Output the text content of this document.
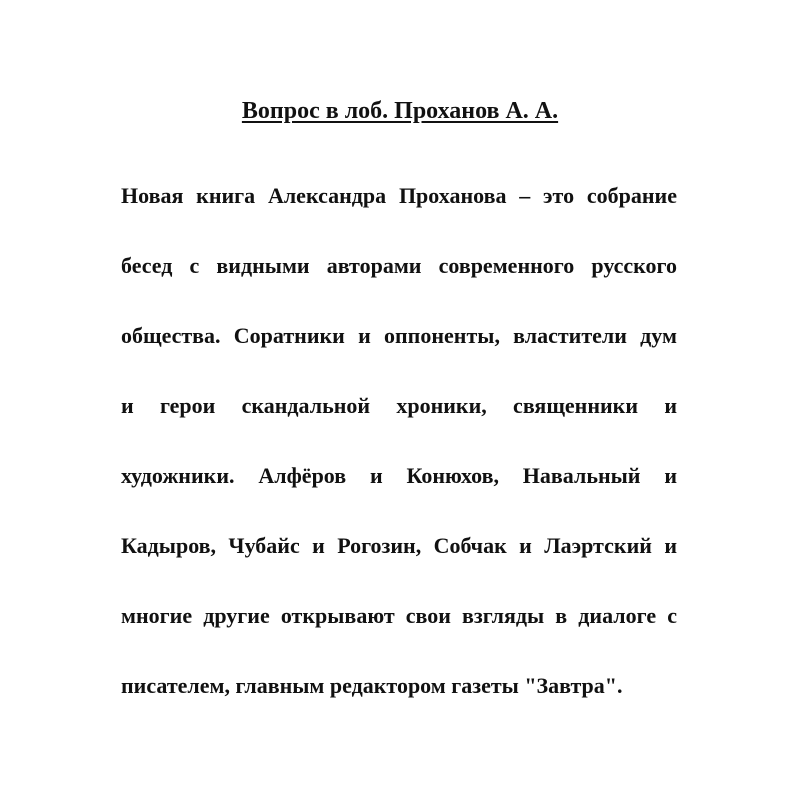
Вопрос в лоб. Проханов А. А.
Новая книга Александра Проханова – это собрание
бесед с видными авторами современного русского
общества. Соратники и оппоненты, властители дум
и герои скандальной хроники, священники и
художники. Алфёров и Конюхов, Навальный и
Кадыров, Чубайс и Рогозин, Собчак и Лаэртский и
многие другие открывают свои взгляды в диалоге с
писателем, главным редактором газеты "Завтра".
